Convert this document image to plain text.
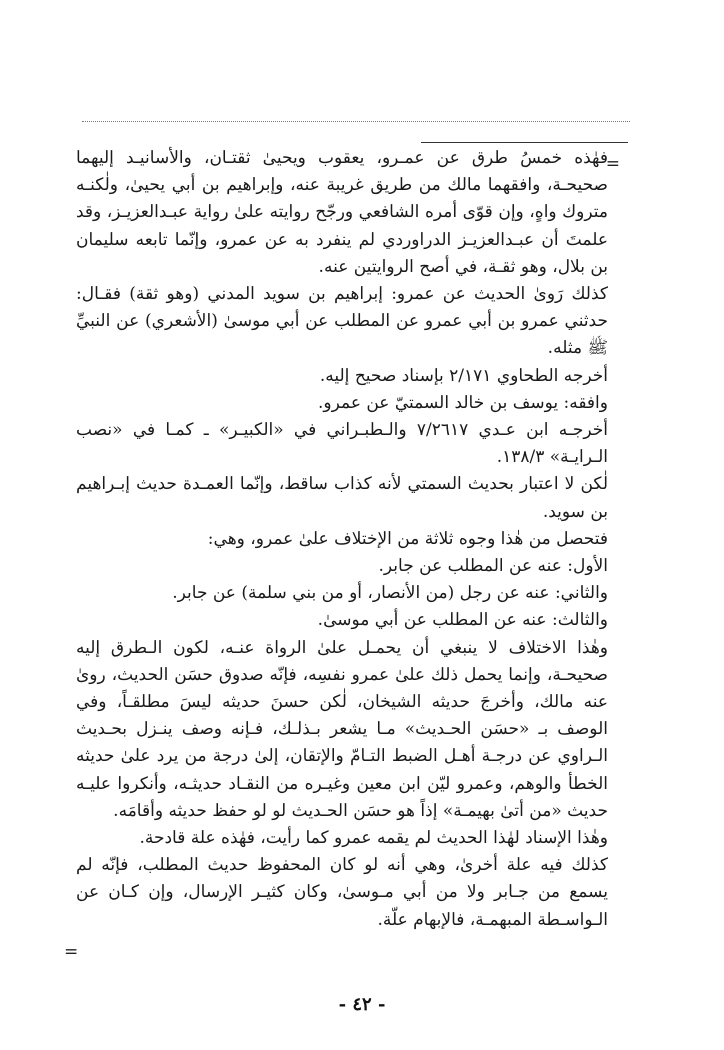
=

فهٰذه خمسُ طرق عن عمـرو، يعقوب ويحيىٰ ثقتـان، والأسانيـد إليهما صحيحـة، وافقهما مالك من طريق غريبة عنه، وإبراهيم بن أبي يحيىٰ، ولٰكنـه متروك واهٍ، وإن قوّى أمره الشافعي ورجّح روايته علىٰ رواية عبـدالعزيـز، وقد علمتَ أن عبـدالعزيـز الدراوردي لم ينفرد به عن عمرو، وإنّما تابعه سليمان بن بلال، وهو ثقـة، في أصح الروايتين عنه.

كذلك رَوىٰ الحديث عن عمرو: إبراهيم بن سويد المدني (وهو ثقة) فقـال: حدثني عمرو بن أبي عمرو عن المطلب عن أبي موسىٰ (الأشعري) عن النبيِّ ﷺ مثله.

أخرجه الطحاوي ٢/١٧١ بإسناد صحيح إليه.

وافقه: يوسف بن خالد السمتيّ عن عمرو.

أخرجـه ابن عـدي ٧/٢٦١٧ والـطبـراني في «الكبيـر» ـ كمـا في «نصب الـرايـة» ١٣٨/٣.

لٰكن لا اعتبار بحديث السمتي لأنه كذاب ساقط، وإنّما العمـدة حديث إبـراهيم بن سويد.

فتحصل من هٰذا وجوه ثلاثة من الإختلاف علىٰ عمرو، وهي:

الأول: عنه عن المطلب عن جابر.

والثاني: عنه عن رجل (من الأنصار، أو من بني سلمة) عن جابر.

والثالث: عنه عن المطلب عن أبي موسىٰ.

وهٰذا الاختلاف لا ينبغي أن يحمـل علىٰ الرواة عنـه، لكون الـطرق إليه صحيحـة، وإنما يحمل ذلك علىٰ عمرو نفسِه، فإنّه صدوق حسَن الحديث، روىٰ عنه مالك، وأخرجَ حديثه الشيخان، لٰكن حسنَ حديثه ليسَ مطلقـاً، وفي الوصف بـ «حسَن الحـديث» مـا يشعر بـذلـك، فـإنه وصف ينـزل بحـديث الـراوي عن درجـة أهـل الضبط التـامّ والإتقان، إلىٰ درجة من يرد علىٰ حديثه الخطأ والوهم، وعمرو ليّن ابن معين وغيـره من النقـاد حديثـه، وأنكروا عليـه حديث «من أتىٰ بهيمـة» إذاً هو حسَن الحـديث لو لو حفظ حديثه وأقامَه.

وهٰذا الإسناد لهٰذا الحديث لم يقمه عمرو كما رأيت، فهٰذه علة قادحة.

كذلك فيه علة أخرىٰ، وهي أنه لو كان المحفوظ حديث المطلب، فإنّه لم يسمع من جـابر ولا من أبي مـوسىٰ، وكان كثيـر الإرسال، وإن كـان عن الـواسـطة المبهمـة، فالإبهام علّة.

=
- ٤٢ -
